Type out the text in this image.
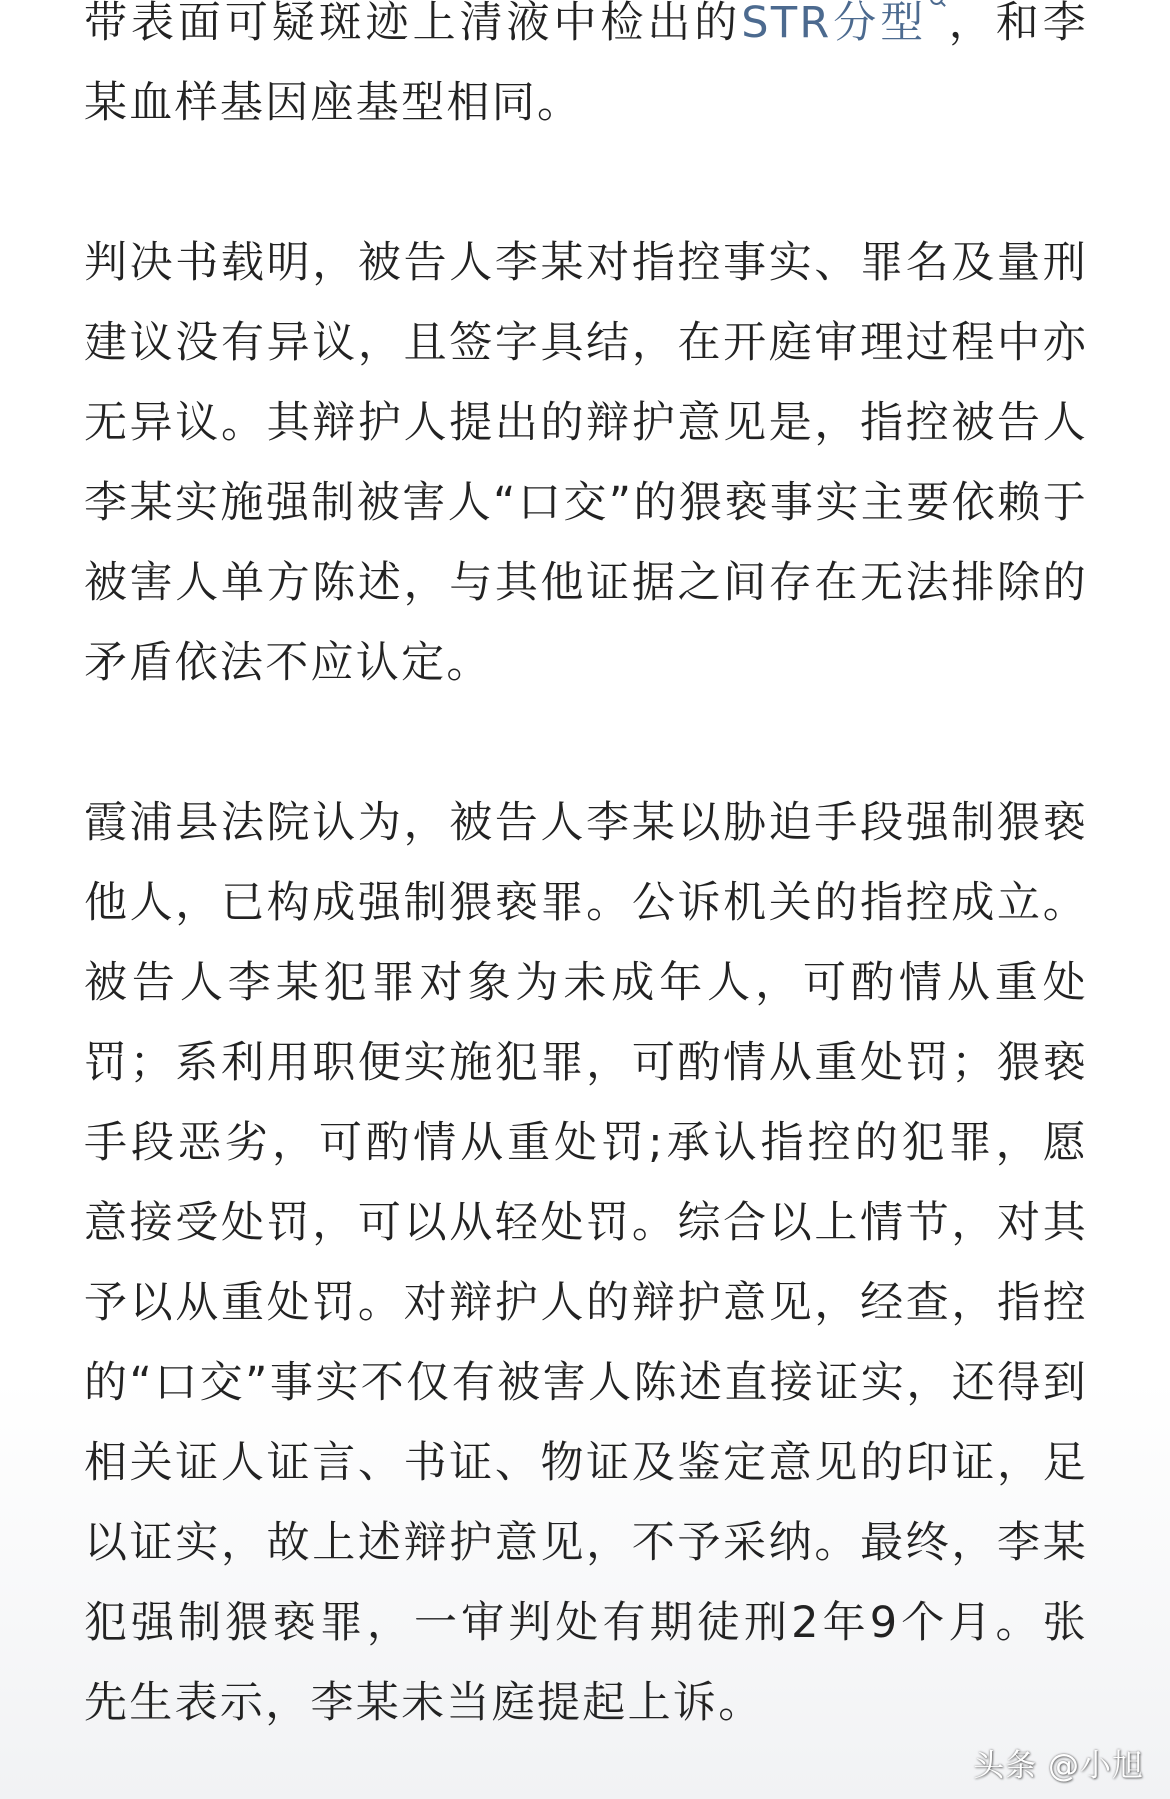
带表面可疑斑迹上清液中检出的STR分型 ，和李某血样基因座基型相同。

判决书载明，被告人李某对指控事实、罪名及量刑建议没有异议，且签字具结，在开庭审理过程中亦无异议。其辩护人提出的辩护意见是，指控被告人李某实施强制被害人“口交”的猥亵事实主要依赖于被害人单方陈述，与其他证据之间存在无法排除的矛盾依法不应认定。

霞浦县法院认为，被告人李某以胁迫手段强制猥亵他人，已构成强制猥亵罪。公诉机关的指控成立。被告人李某犯罪对象为未成年人，可酌情从重处罚；系利用职便实施犯罪，可酌情从重处罚；猥亵手段恶劣，可酌情从重处罚;承认指控的犯罪，愿意接受处罚，可以从轻处罚。综合以上情节，对其予以从重处罚。对辩护人的辩护意见，经查，指控的“口交”事实不仅有被害人陈述直接证实，还得到相关证人证言、书证、物证及鉴定意见的印证，足以证实，故上述辩护意见，不予采纳。最终，李某犯强制猥亵罪，一审判处有期徒刑2年9个月。张先生表示，李某未当庭提起上诉。

头条 @小旭
